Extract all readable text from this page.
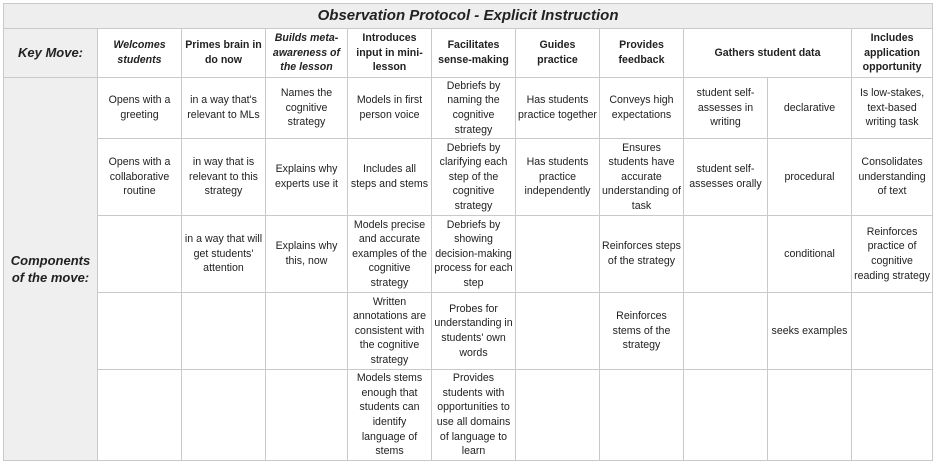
Observation Protocol - Explicit Instruction										
Key Move:	Welcomes students	Primes brain in do now	Builds meta-awareness of the lesson	Introduces input in mini-lesson	Facilitates sense-making	Guides practice	Provides feedback	Gathers student data		Includes application opportunity
Components
of the move:	Opens with a greeting	in a way that's relevant to MLs	Names the cognitive strategy	Models in first person voice	Debriefs by naming the cognitive strategy	Has students practice together	Conveys high expectations	student self-assesses in writing	declarative	Is low-stakes, text-based writing task
	Opens with a collaborative routine	in way that is relevant to this strategy	Explains why experts use it	Includes all steps and stems	Debriefs by clarifying each step of the cognitive strategy	Has students practice independently	Ensures students have accurate understanding of task	student self-assesses orally	procedural	Consolidates understanding of text
		in a way that will get students' attention	Explains why this, now	Models precise and accurate examples of the cognitive strategy	Debriefs by showing decision-making process for each step		Reinforces steps of the strategy		conditional	Reinforces practice of cognitive reading strategy
				Written annotations are consistent with the cognitive strategy	Probes for understanding in students' own words		Reinforces stems of the strategy		seeks examples	
				Models stems enough that students can identify language of stems	Provides students with opportunities to use all domains of language to learn					
